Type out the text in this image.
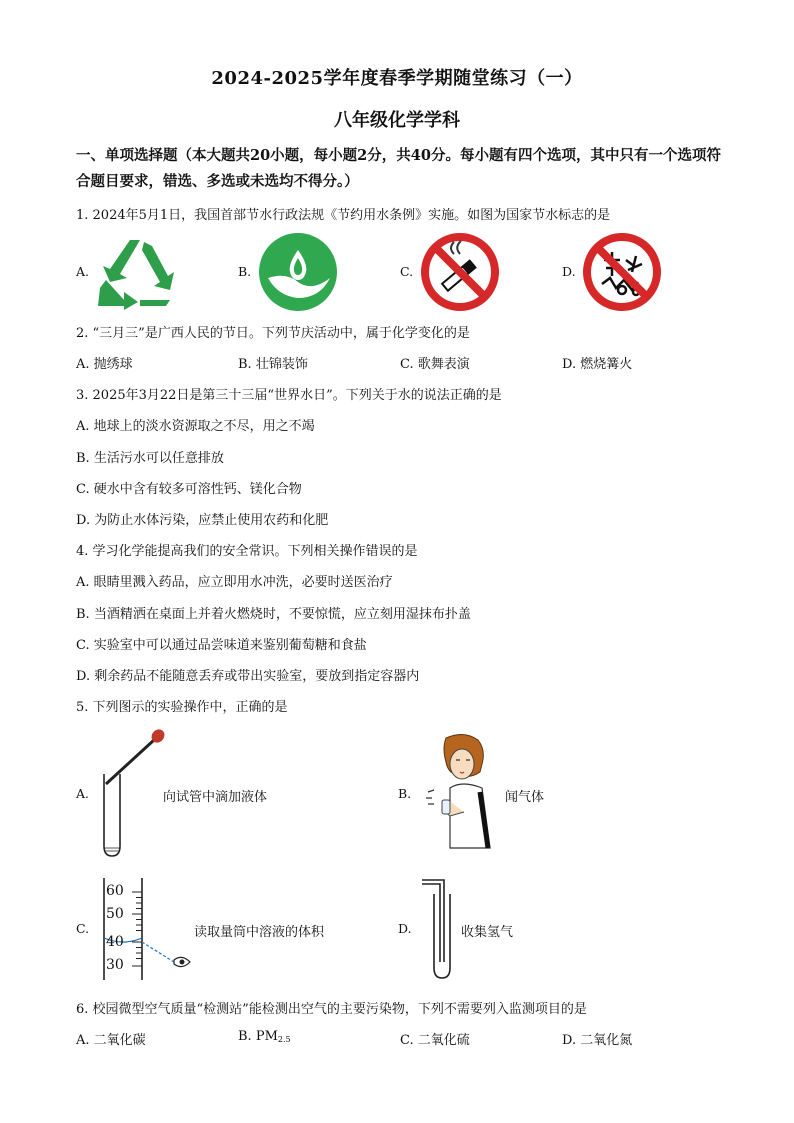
2024-2025学年度春季学期随堂练习（一）
八年级化学学科
一、单项选择题（本大题共20小题，每小题2分，共40分。每小题有四个选项，其中只有一个选项符合题目要求，错选、多选或未选均不得分。）
1. 2024年5月1日，我国首部节水行政法规《节约用水条例》实施。如图为国家节水标志的是
A.	B.	C.	D.
2. “三月三”是广西人民的节日。下列节庆活动中，属于化学变化的是
A. 抛绣球	B. 壮锦装饰	C. 歌舞表演	D. 燃烧篝火
3. 2025年3月22日是第三十三届“世界水日”。下列关于水的说法正确的是
A. 地球上的淡水资源取之不尽，用之不竭
B. 生活污水可以任意排放
C. 硬水中含有较多可溶性钙、镁化合物
D. 为防止水体污染，应禁止使用农药和化肥
4. 学习化学能提高我们的安全常识。下列相关操作错误的是
A. 眼睛里溅入药品，应立即用水冲洗，必要时送医治疗
B. 当酒精洒在桌面上并着火燃烧时，不要惊慌，应立刻用湿抹布扑盖
C. 实验室中可以通过品尝味道来鉴别葡萄糖和食盐
D. 剩余药品不能随意丢弃或带出实验室，要放到指定容器内
5. 下列图示的实验操作中，正确的是
A.	向试管中滴加液体	B.	闻气体
C.
60
50
40
30
读取量筒中溶液的体积	D.	收集氢气
6. 校园微型空气质量“检测站”能检测出空气的主要污染物，下列不需要列入监测项目的是
A. 二氧化碳	B. $PM_{2.5}$	C. 二氧化硫	D. 二氧化氮
